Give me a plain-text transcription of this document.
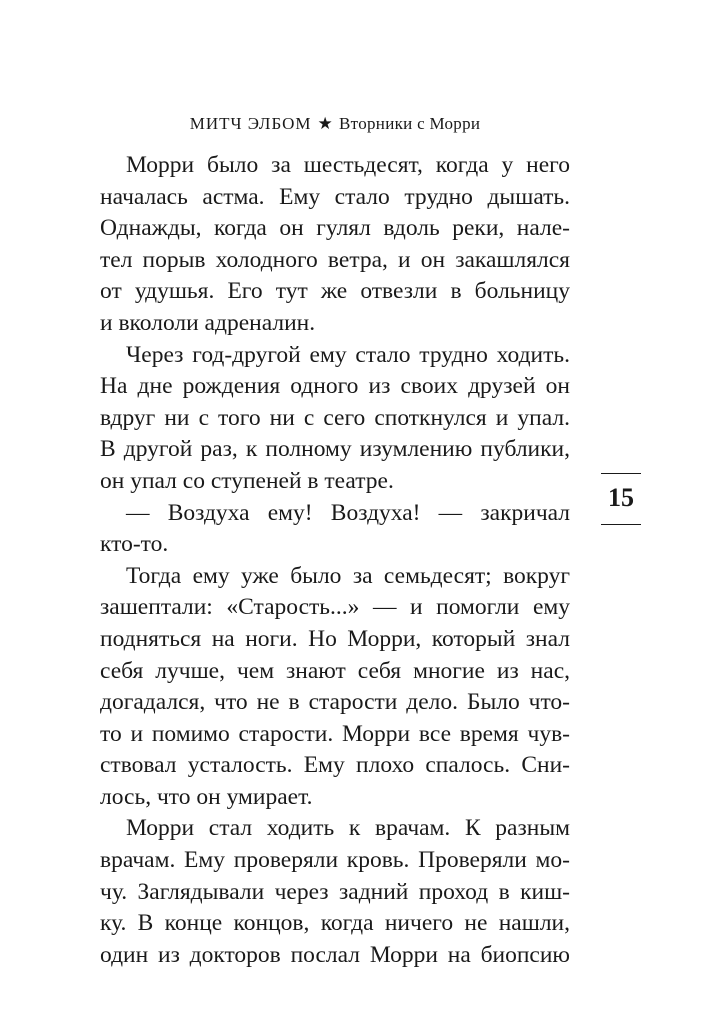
МИТЧ ЭЛБОМ ★ Вторники с Морри
Морри было за шестьдесят, когда у него
началась астма. Ему стало трудно дышать.
Однажды, когда он гулял вдоль реки, нале-
тел порыв холодного ветра, и он закашлялся
от удушья. Его тут же отвезли в больницу
и вкололи адреналин.
Через год-другой ему стало трудно ходить.
На дне рождения одного из своих друзей он
вдруг ни с того ни с сего споткнулся и упал.
В другой раз, к полному изумлению публики,
он упал со ступеней в театре.
— Воздуха ему! Воздуха! — закричал
кто-то.
Тогда ему уже было за семьдесят; вокруг
зашептали: «Старость...» — и помогли ему
подняться на ноги. Но Морри, который знал
себя лучше, чем знают себя многие из нас,
догадался, что не в старости дело. Было что-
то и помимо старости. Морри все время чув-
ствовал усталость. Ему плохо спалось. Сни-
лось, что он умирает.
Морри стал ходить к врачам. К разным
врачам. Ему проверяли кровь. Проверяли мо-
чу. Заглядывали через задний проход в киш-
ку. В конце концов, когда ничего не нашли,
один из докторов послал Морри на биопсию
15
